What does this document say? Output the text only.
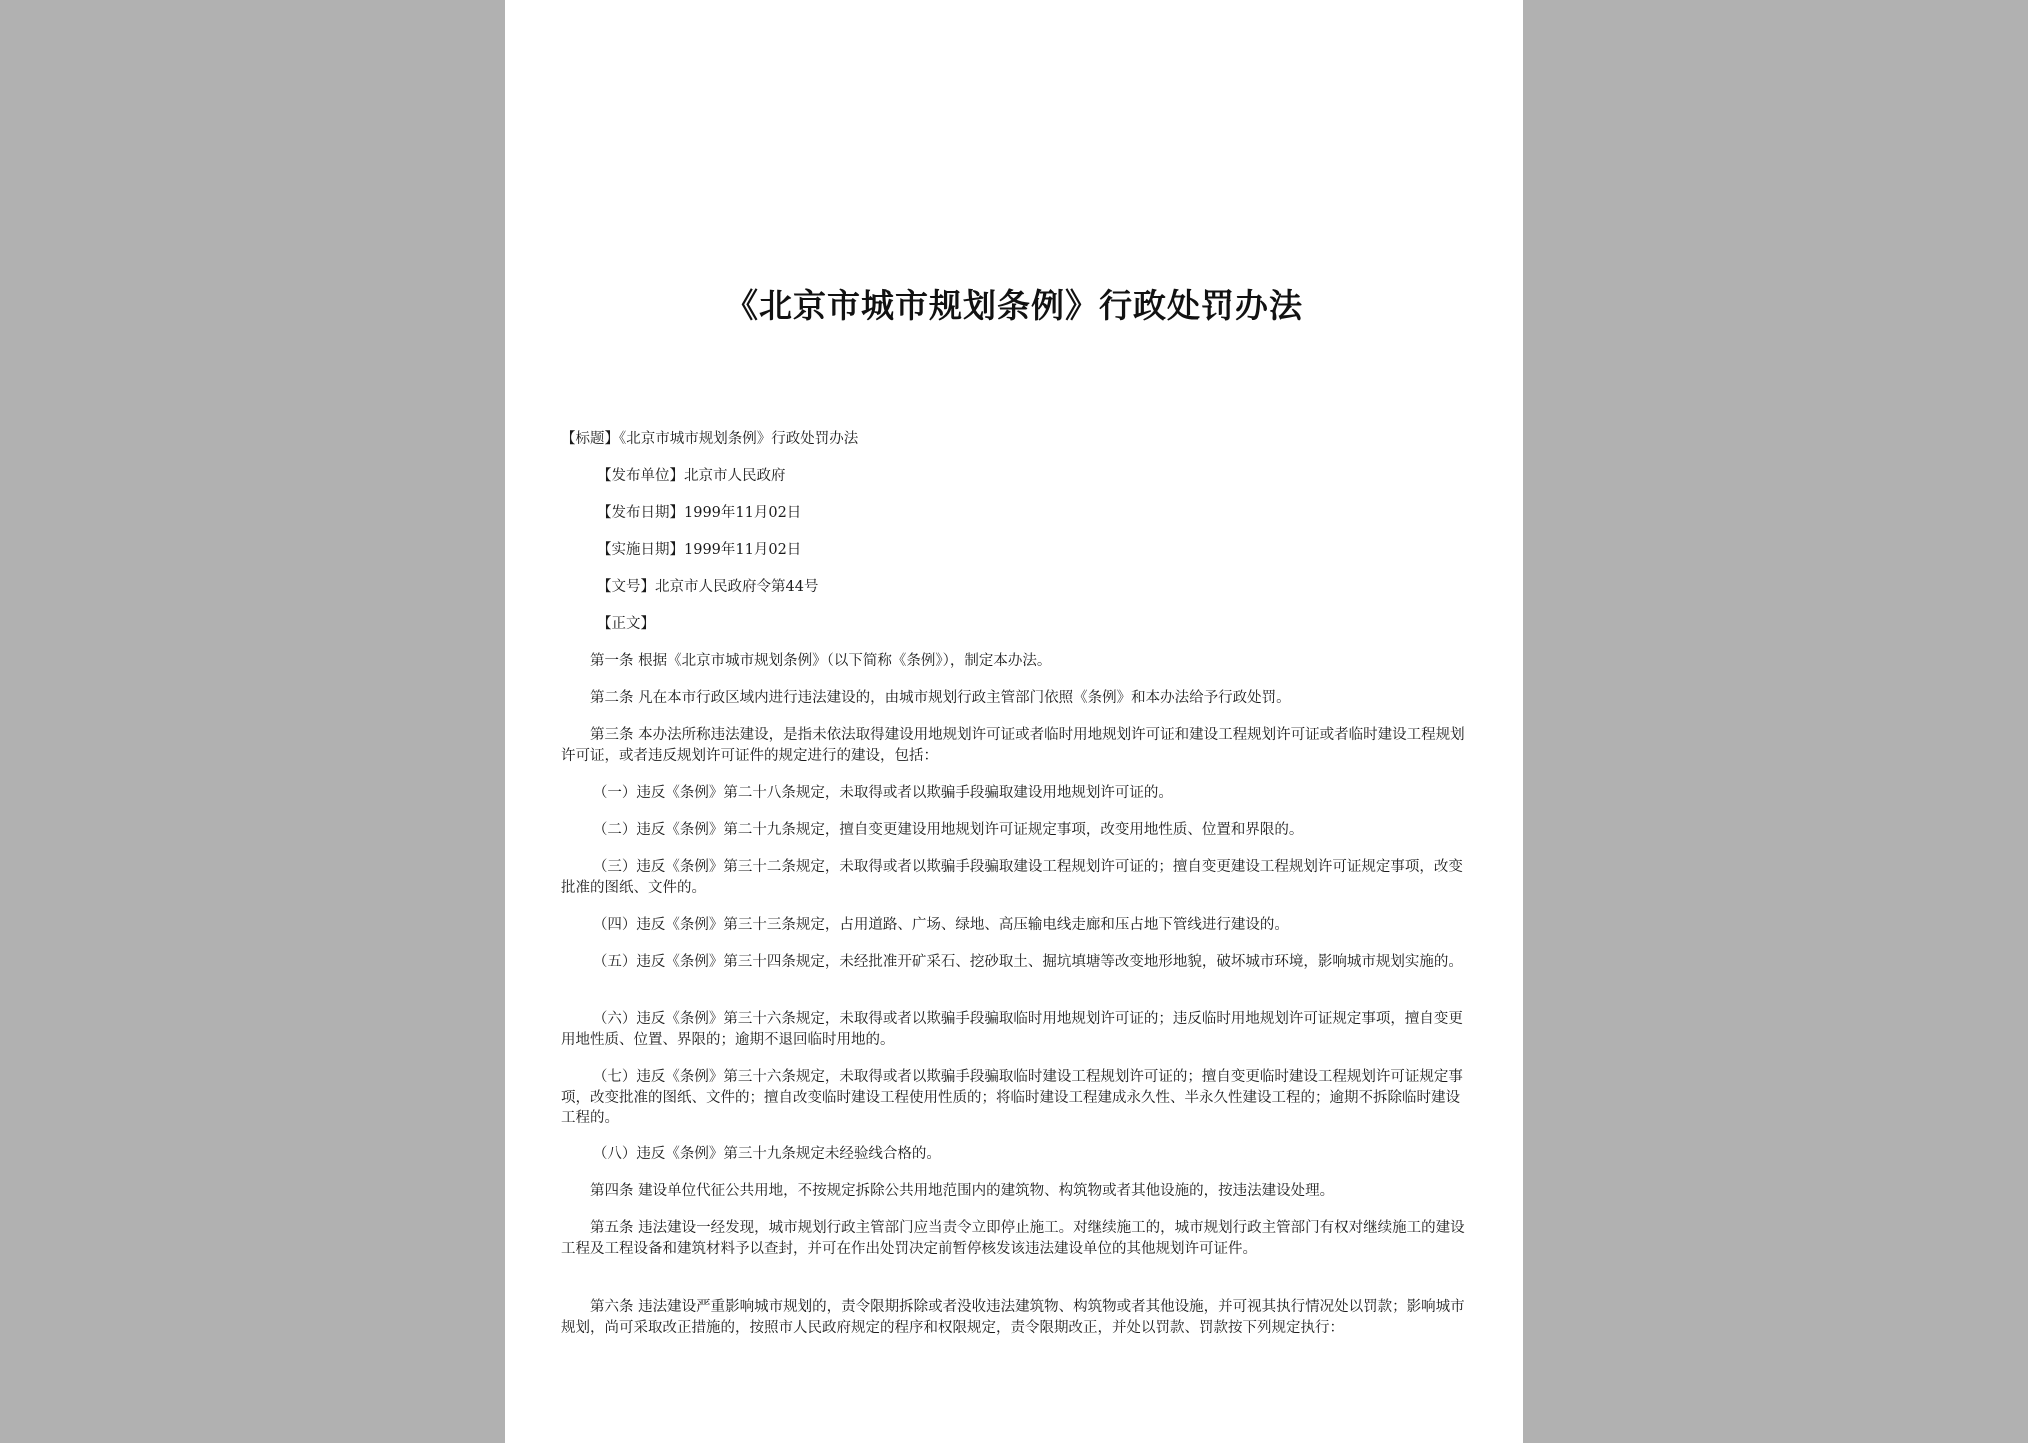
《北京市城市规划条例》行政处罚办法
【标题】《北京市城市规划条例》行政处罚办法
【发布单位】北京市人民政府
【发布日期】1999年11月02日
【实施日期】1999年11月02日
【文号】北京市人民政府令第44号
【正文】

第一条 根据《北京市城市规划条例》（以下简称《条例》），制定本办法。

第二条 凡在本市行政区域内进行违法建设的，由城市规划行政主管部门依照《条例》和本办法给予行政处罚。

第三条 本办法所称违法建设，是指未依法取得建设用地规划许可证或者临时用地规划许可证和建设工程规划许可证或者临时建设工程规划许可证，或者违反规划许可证件的规定进行的建设，包括：

（一）违反《条例》第二十八条规定，未取得或者以欺骗手段骗取建设用地规划许可证的。

（二）违反《条例》第二十九条规定，擅自变更建设用地规划许可证规定事项，改变用地性质、位置和界限的。

（三）违反《条例》第三十二条规定，未取得或者以欺骗手段骗取建设工程规划许可证的；擅自变更建设工程规划许可证规定事项，改变批准的图纸、文件的。

（四）违反《条例》第三十三条规定，占用道路、广场、绿地、高压输电线走廊和压占地下管线进行建设的。

（五）违反《条例》第三十四条规定，未经批准开矿采石、挖砂取土、掘坑填塘等改变地形地貌，破坏城市环境，影响城市规划实施的。

（六）违反《条例》第三十六条规定，未取得或者以欺骗手段骗取临时用地规划许可证的；违反临时用地规划许可证规定事项，擅自变更用地性质、位置、界限的；逾期不退回临时用地的。

（七）违反《条例》第三十六条规定，未取得或者以欺骗手段骗取临时建设工程规划许可证的；擅自变更临时建设工程规划许可证规定事项，改变批准的图纸、文件的；擅自改变临时建设工程使用性质的；将临时建设工程建成永久性、半永久性建设工程的；逾期不拆除临时建设工程的。

（八）违反《条例》第三十九条规定未经验线合格的。

第四条 建设单位代征公共用地，不按规定拆除公共用地范围内的建筑物、构筑物或者其他设施的，按违法建设处理。

第五条 违法建设一经发现，城市规划行政主管部门应当责令立即停止施工。对继续施工的，城市规划行政主管部门有权对继续施工的建设工程及工程设备和建筑材料予以查封，并可在作出处罚决定前暂停核发该违法建设单位的其他规划许可证件。

第六条 违法建设严重影响城市规划的，责令限期拆除或者没收违法建筑物、构筑物或者其他设施，并可视其执行情况处以罚款；影响城市规划，尚可采取改正措施的，按照市人民政府规定的程序和权限规定，责令限期改正，并处以罚款、罚款按下列规定执行：
